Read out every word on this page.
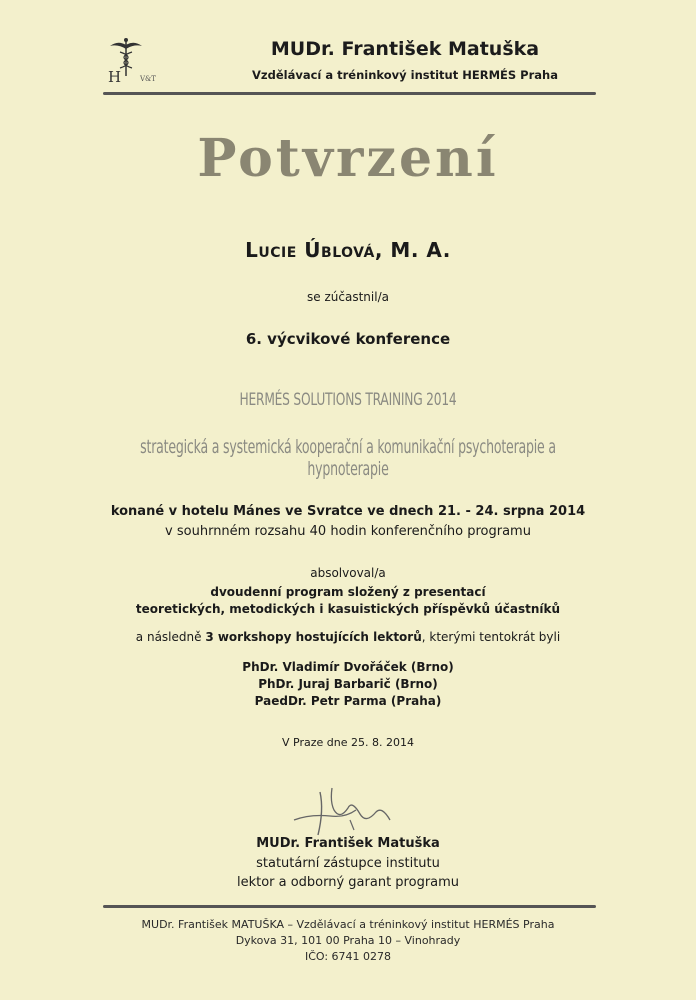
H	V&T
MUDr. František Matuška
Vzdělávací a tréninkový institut HERMÉS Praha
Potvrzení
Lucie Úblová, M. A.
se zúčastnil/a
6. výcvikové konference
HERMÉS SOLUTIONS TRAINING 2014
strategická a systemická kooperační a komunikační psychoterapie a hypnoterapie
konané v hotelu Mánes ve Svratce ve dnech 21. - 24. srpna 2014
v souhrnném rozsahu 40 hodin konferenčního programu
absolvoval/a
dvoudenní program složený z presentací
teoretických, metodických i kasuistických příspěvků účastníků
a následně 3 workshopy hostujících lektorů, kterými tentokrát byli
PhDr. Vladimír Dvořáček (Brno)
PhDr. Juraj Barbarič (Brno)
PaedDr. Petr Parma (Praha)
V Praze dne 25. 8. 2014
MUDr. František Matuška
statutární zástupce institutu
lektor a odborný garant programu
MUDr. František MATUŠKA – Vzdělávací a tréninkový institut HERMÉS Praha
Dykova 31, 101 00 Praha 10 – Vinohrady
IČO: 6741 0278
